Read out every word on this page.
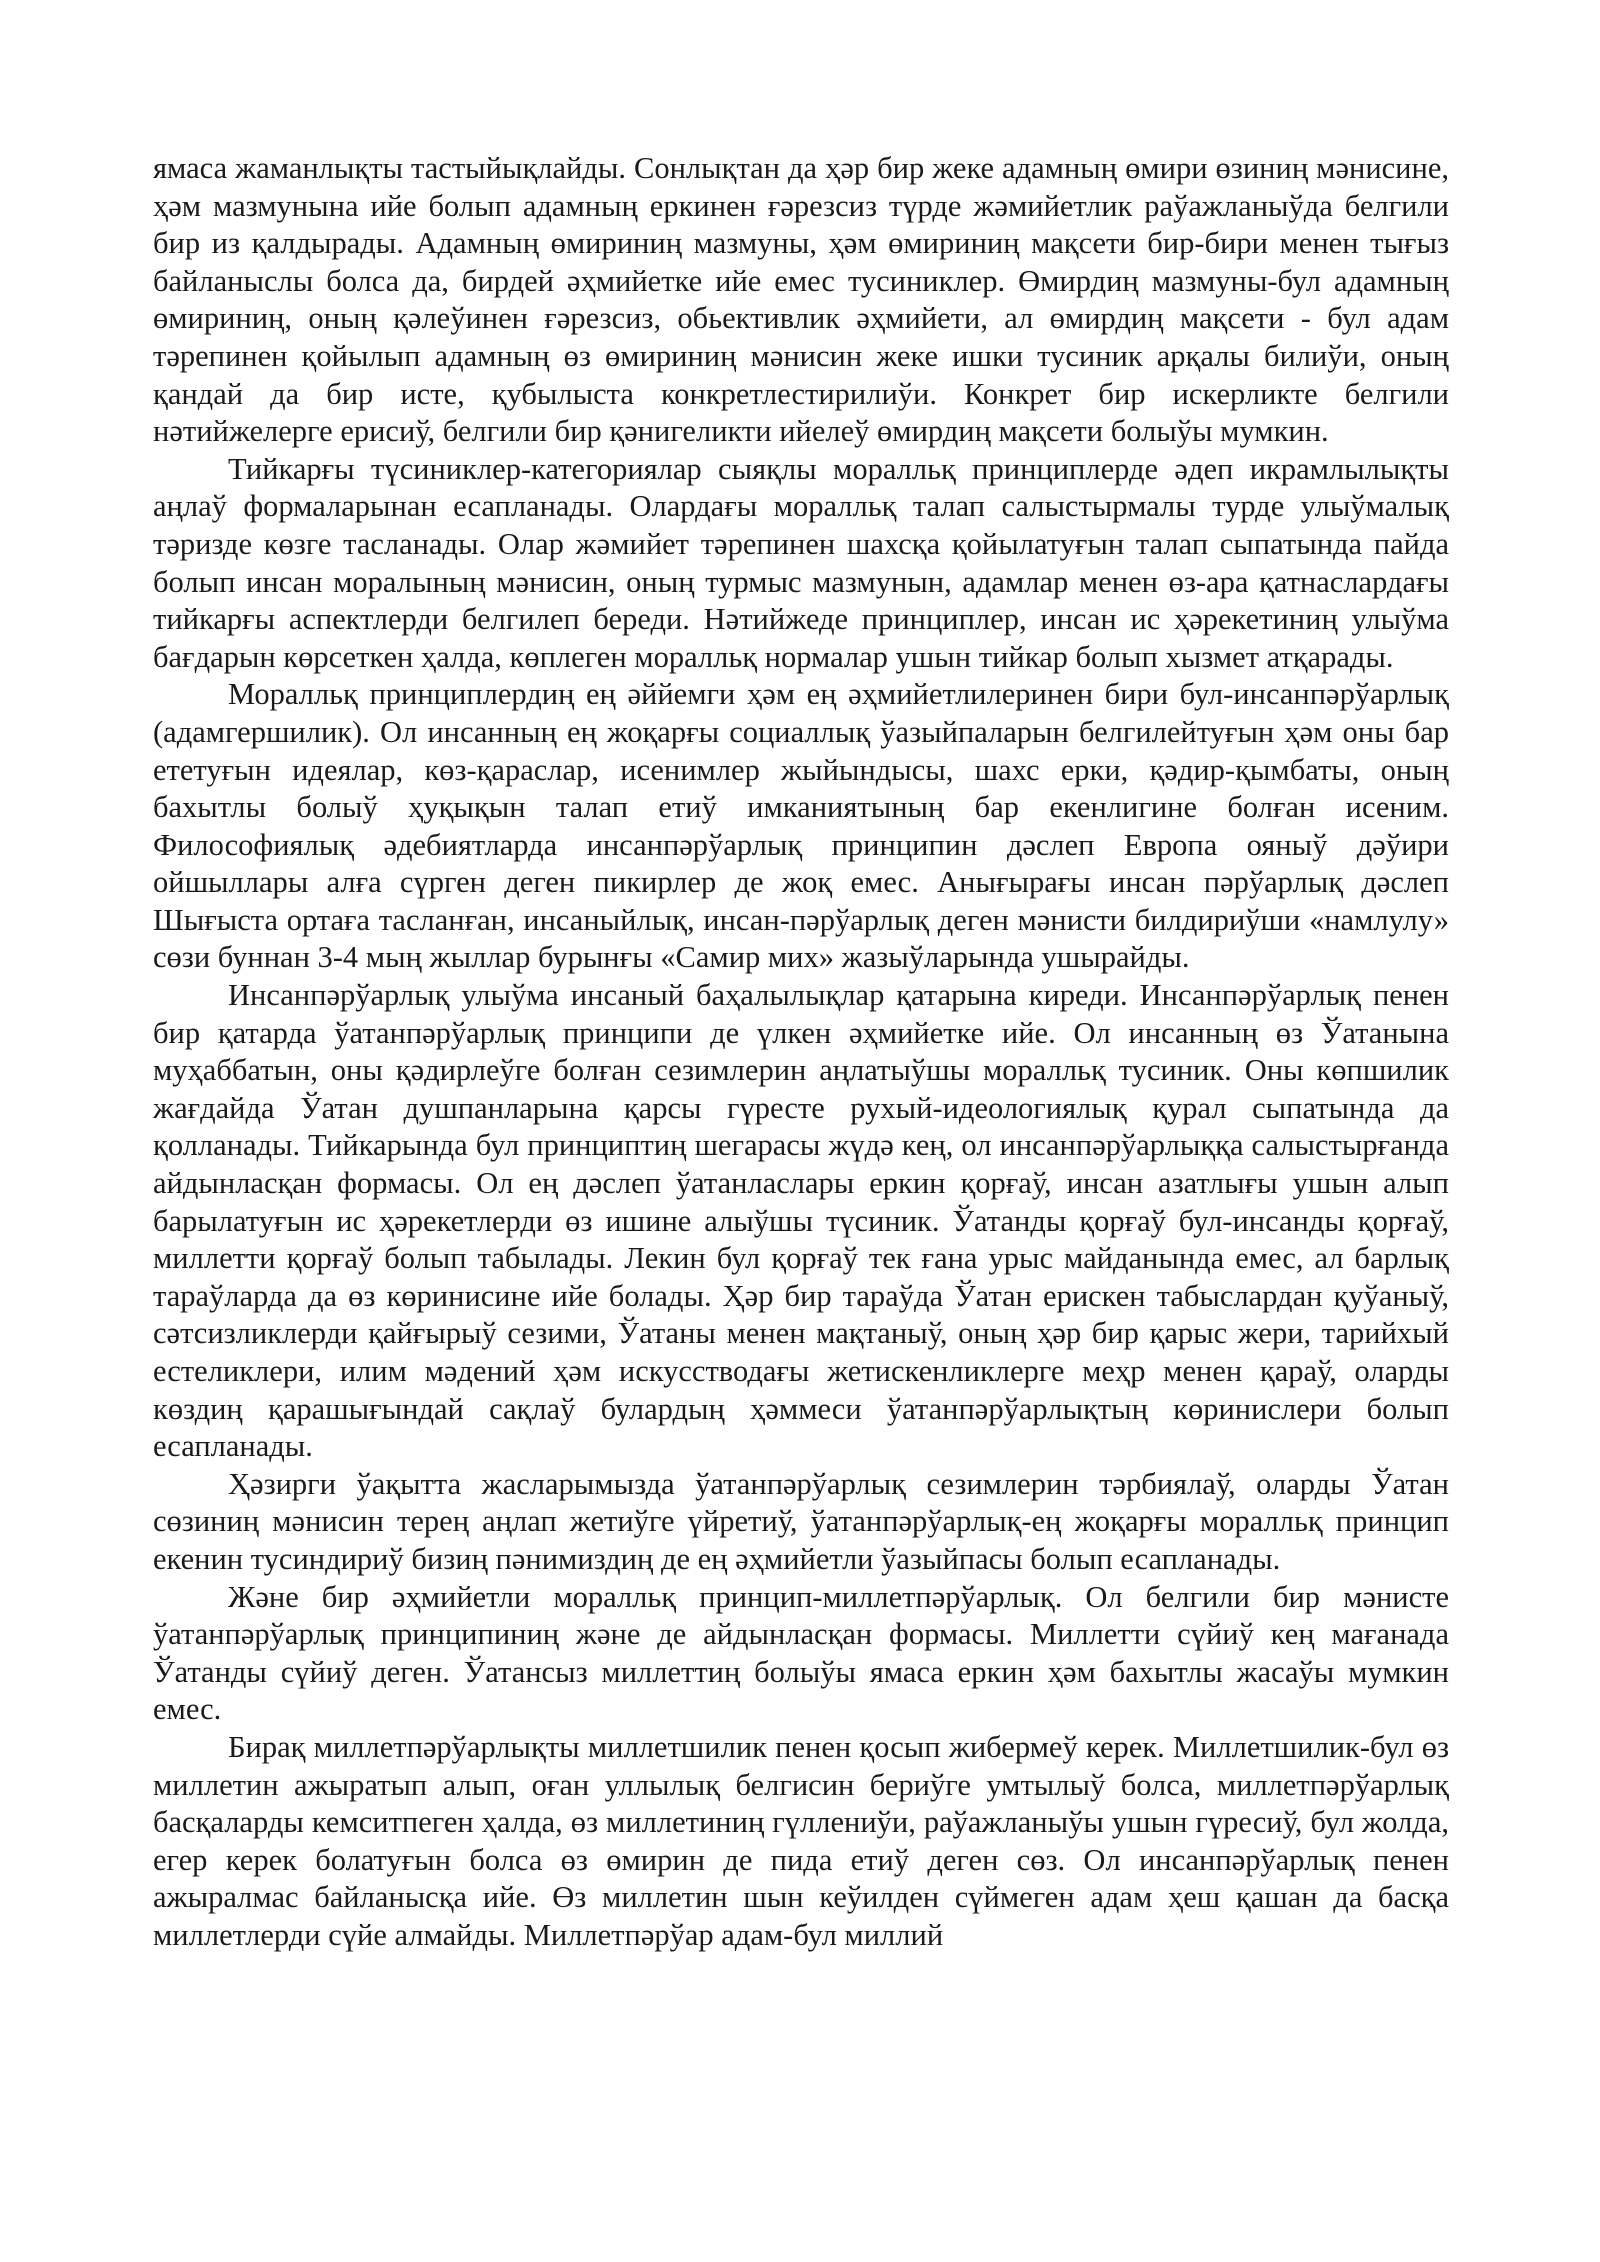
ямаса жаманлықты тастыйықлайды. Сонлықтан да ҳәр бир жеке адамның өмири өзиниң мәнисине, ҳәм мазмунына ийе болып адамның еркинен ғәрезсиз түрде жәмийетлик раўажланыўда белгили бир из қалдырады. Адамның өмириниң мазмуны, ҳәм өмириниң мақсети бир-бири менен тығыз байланыслы болса да, бирдей әҳмийетке ийе емес тусиниклер. Өмирдиң мазмуны-бул адамның өмириниң, оның қәлеўинен ғәрезсиз, обьективлик әҳмийети, ал өмирдиң мақсети - бул адам тәрепинен қойылып адамның өз өмириниң мәнисин жеке ишки тусиник арқалы билиўи, оның қандай да бир исте, қубылыста конкретлестирилиўи. Конкрет бир искерликте белгили нәтийжелерге ерисиў, белгили бир қәнигеликти ийелеў өмирдиң мақсети болыўы мумкин.

Тийкарғы түсиниклер-категориялар сыяқлы моралльқ принциплерде әдеп икрамлылықты аңлаў формаларынан есапланады. Олардағы моралльқ талап салыстырмалы турде улыўмалық тәризде көзге тасланады. Олар жәмийет тәрепинен шахсқа қойылатуғын талап сыпатында пайда болып инсан моралының мәнисин, оның турмыс мазмунын, адамлар менен өз-ара қатнаслардағы тийкарғы аспектлерди белгилеп береди. Нәтийжеде принциплер, инсан ис ҳәрекетиниң улыўма бағдарын көрсеткен ҳалда, көплеген моралльқ нормалар ушын тийкар болып хызмет атқарады.

Моралльқ принциплердиң ең әййемги ҳәм ең әҳмийетлилеринен бири бул-инсанпәрўарлық (адамгершилик). Ол инсанның ең жоқарғы социаллық ўазыйпаларын белгилейтуғын ҳәм оны бар ететуғын идеялар, көз-қараслар, исенимлер жыйындысы, шахс ерки, қәдир-қымбаты, оның бахытлы болыў ҳуқықын талап етиў имканиятының бар екенлигине болған исеним. Философиялық әдебиятларда инсанпәрўарлық принципин дәслеп Европа ояныў дәўири ойшыллары алға сүрген деген пикирлер де жоқ емес. Анығырағы инсан пәрўарлық дәслеп Шығыста ортаға тасланған, инсаныйлық, инсан-пәрўарлық деген мәнисти билдириўши «намлулу» сөзи буннан 3-4 мың жыллар бурынғы «Самир мих» жазыўларында ушырайды.

Инсанпәрўарлық улыўма инсаный баҳалылықлар қатарына киреди. Инсанпәрўарлық пенен бир қатарда ўатанпәрўарлық принципи де үлкен әҳмийетке ийе. Ол инсанның өз Ўатанына муҳаббатын, оны қәдирлеўге болған сезимлерин аңлатыўшы моралльқ тусиник. Оны көпшилик жағдайда Ўатан душпанларына қарсы гүресте рухый-идеологиялық қурал сыпатында да қолланады. Тийкарында бул принциптиң шегарасы жүдә кең, ол инсанпәрўарлыққа салыстырғанда айдынласқан формасы. Ол ең дәслеп ўатанласлары еркин қорғаў, инсан азатлығы ушын алып барылатуғын ис ҳәрекетлерди өз ишине алыўшы түсиник. Ўатанды қорғаў бул-инсанды қорғаў, миллетти қорғаў болып табылады. Лекин бул қорғаў тек ғана урыс майданында емес, ал барлық тараўларда да өз көринисине ийе болады. Ҳәр бир тараўда Ўатан ерискен табыслардан қуўаныў, сәтсизликлерди қайғырыў сезими, Ўатаны менен мақтаныў, оның ҳәр бир қарыс жери, тарийхый естеликлери, илим мәдений ҳәм искусстводағы жетискенликлерге меҳр менен қараў, оларды көздиң қарашығындай сақлаў булардың ҳәммеси ўатанпәрўарлықтың көринислери болып есапланады.

Ҳәзирги ўақытта жасларымызда ўатанпәрўарлық сезимлерин тәрбиялаў, оларды Ўатан сөзиниң мәнисин терең аңлап жетиўге үйретиў, ўатанпәрўарлық-ең жоқарғы моралльқ принцип екенин тусиндириў бизиң пәнимиздиң де ең әҳмийетли ўазыйпасы болып есапланады.

Және бир әҳмийетли моралльқ принцип-миллетпәрўарлық. Ол белгили бир мәнисте ўатанпәрўарлық принципиниң және де айдынласқан формасы. Миллетти сүйиў кең мағанада Ўатанды сүйиў деген. Ўатансыз миллеттиң болыўы ямаса еркин ҳәм бахытлы жасаўы мумкин емес.

Бирақ миллетпәрўарлықты миллетшилик пенен қосып жибермеў керек. Миллетшилик-бул өз миллетин ажыратып алып, оған уллылық белгисин бериўге умтылыў болса, миллетпәрўарлық басқаларды кемситпеген ҳалда, өз миллетиниң гүллениўи, раўажланыўы ушын гүресиў, бул жолда, егер керек болатуғын болса өз өмирин де пида етиў деген сөз. Ол инсанпәрўарлық пенен ажыралмас байланысқа ийе. Өз миллетин шын кеўилден сүймеген адам ҳеш қашан да басқа миллетлерди сүйе алмайды. Миллетпәрўар адам-бул миллий
